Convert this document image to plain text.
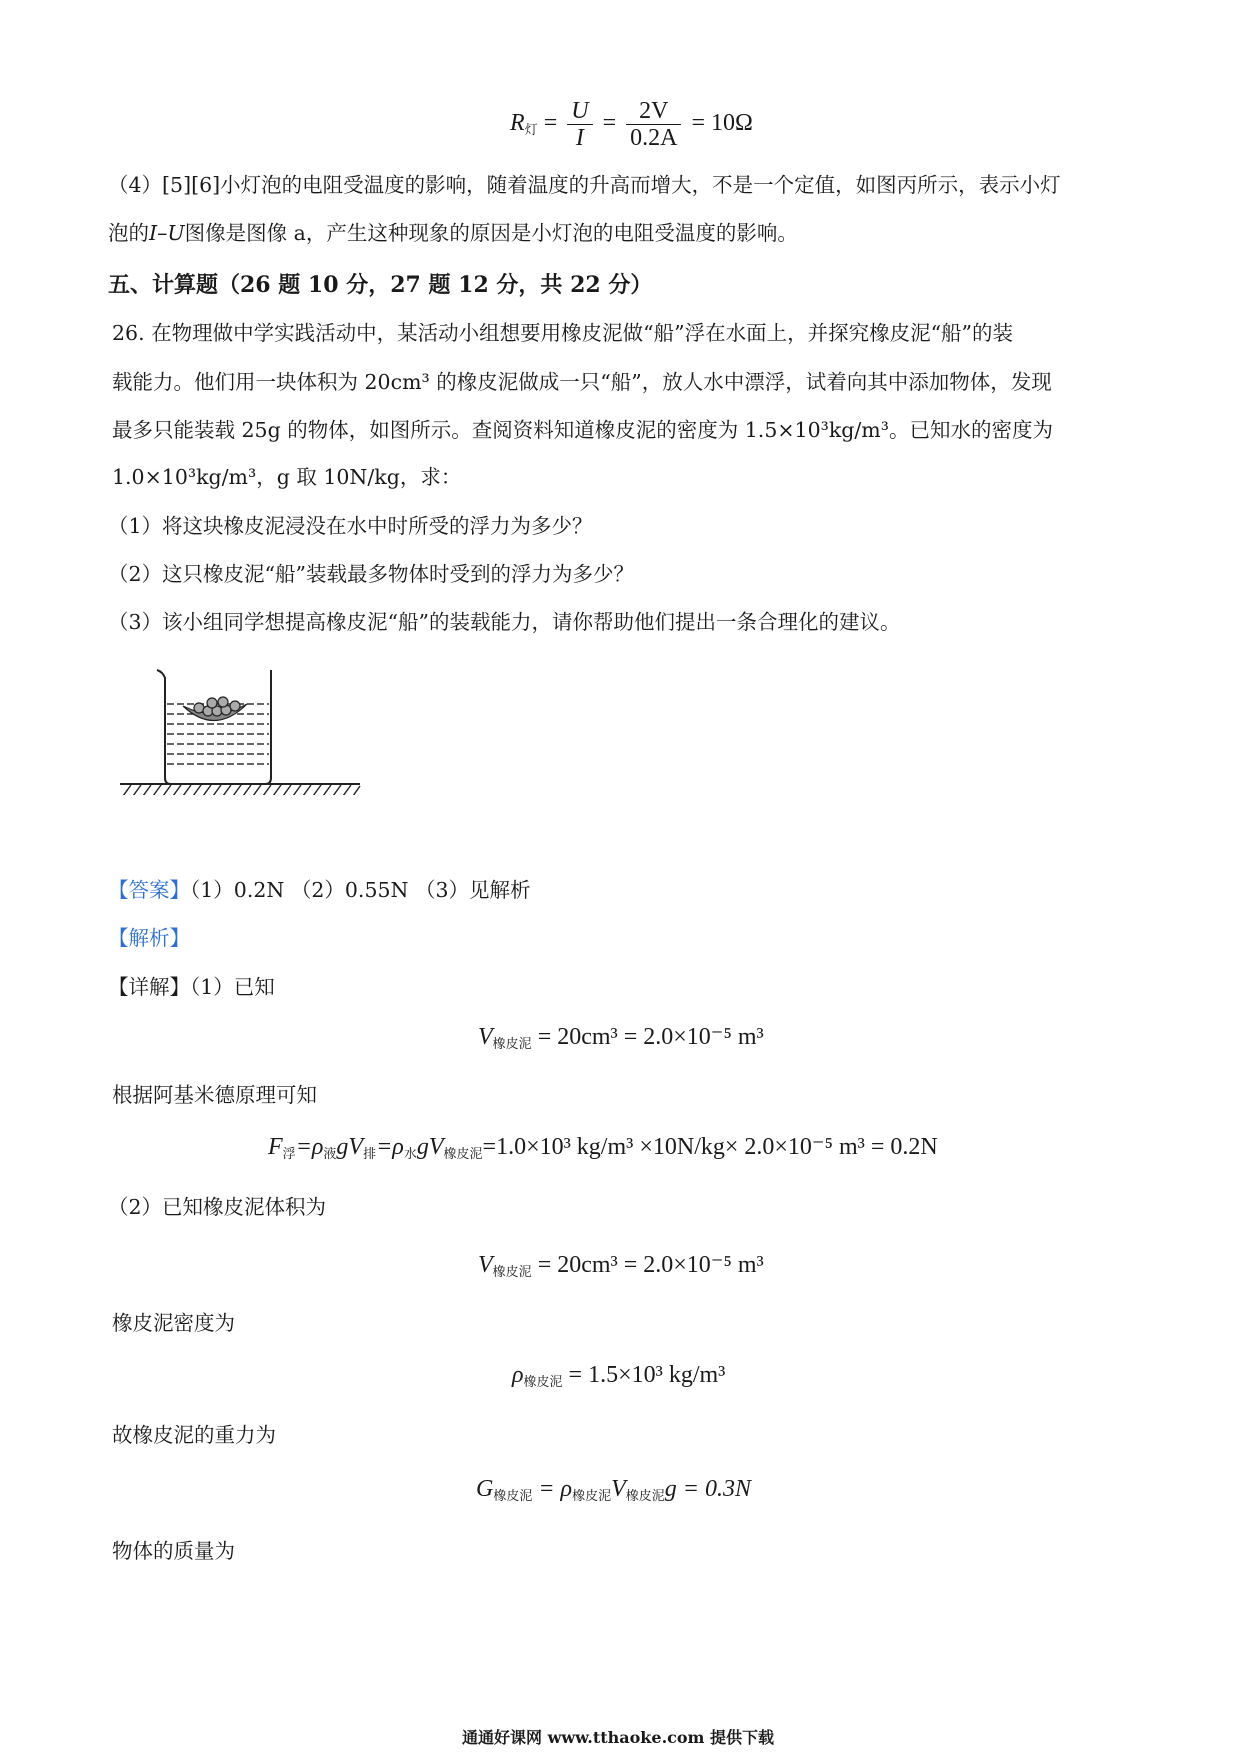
$R_灯 = \frac{U}{I} = \frac{2V}{0.2A} = 10\Omega$
（4）[5][6]小灯泡的电阻受温度的影响，随着温度的升高而增大，不是一个定值，如图丙所示，表示小灯
泡的I–U图像是图像 a，产生这种现象的原因是小灯泡的电阻受温度的影响。
五、计算题（26 题 10 分，27 题 12 分，共 22 分）
26. 在物理做中学实践活动中，某活动小组想要用橡皮泥做“船”浮在水面上，并探究橡皮泥“船”的装
载能力。他们用一块体积为 20cm³ 的橡皮泥做成一只“船”，放人水中漂浮，试着向其中添加物体，发现
最多只能装载 25g 的物体，如图所示。查阅资料知道橡皮泥的密度为 1.5×10³kg/m³。已知水的密度为
1.0×10³kg/m³，g 取 10N/kg，求：
（1）将这块橡皮泥浸没在水中时所受的浮力为多少？
（2）这只橡皮泥“船”装载最多物体时受到的浮力为多少？
（3）该小组同学想提高橡皮泥“船”的装载能力，请你帮助他们提出一条合理化的建议。
【答案】（1）0.2N （2）0.55N （3）见解析
【解析】
【详解】（1）已知
$V_{橡皮泥} = 20cm^3 = 2.0\times 10^{-5}$ m³
根据阿基米德原理可知
$F_浮=\rho_液gV_排=\rho_水gV_{橡皮泥}=1.0\times 10^3$ kg/m³ ×10N/kg× 2.0×10⁻⁵ m³ = 0.2N
（2）已知橡皮泥体积为
$V_{橡皮泥} = 20cm^3 = 2.0\times 10^{-5}$ m³
橡皮泥密度为
$\rho_{橡皮泥} = 1.5\times 10^3$ kg/m³
故橡皮泥的重力为
$G_{橡皮泥} = \rho_{橡皮泥}V_{橡皮泥}g = 0.3N$
物体的质量为
通通好课网 www.tthaoke.com 提供下载
